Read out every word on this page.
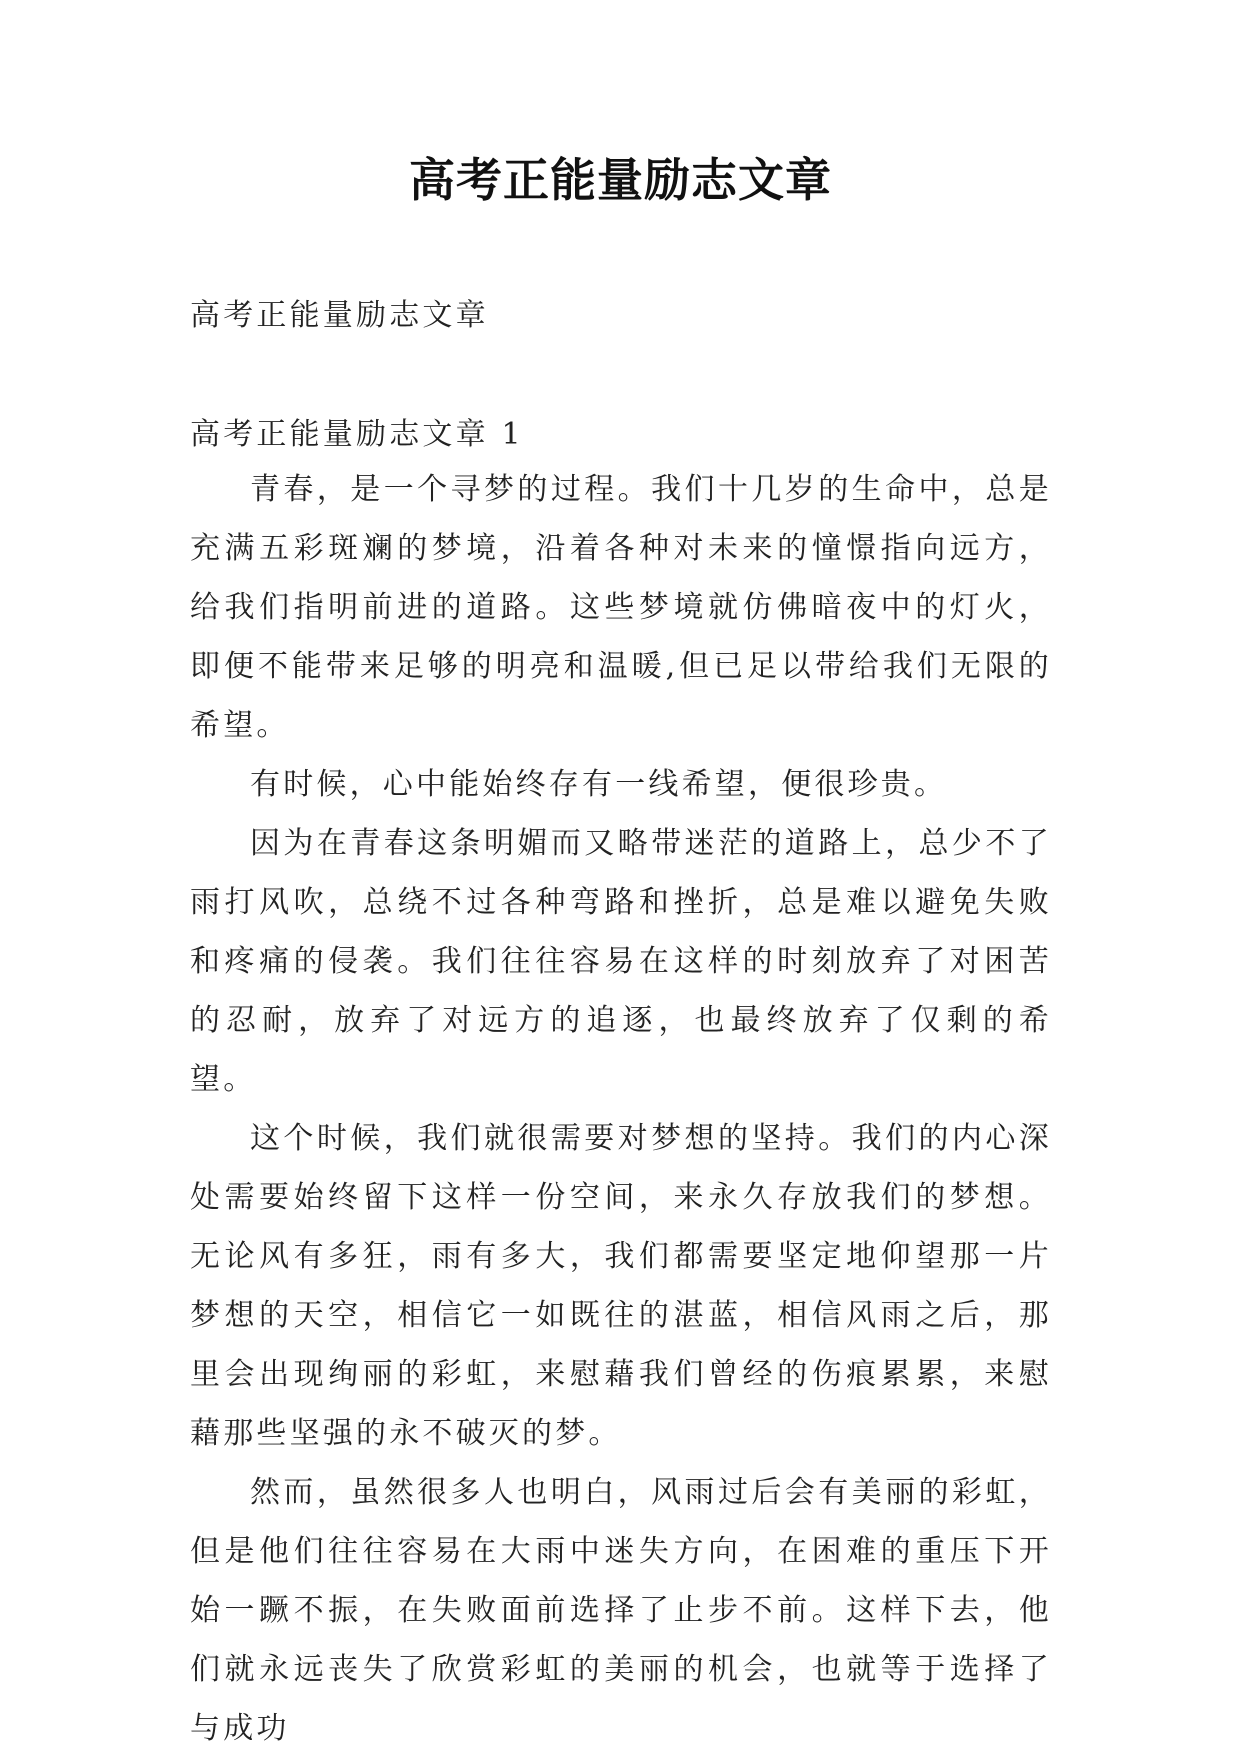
高考正能量励志文章
高考正能量励志文章
高考正能量励志文章 1

青春，是一个寻梦的过程。我们十几岁的生命中，总是充满五彩斑斓的梦境，沿着各种对未来的憧憬指向远方，给我们指明前进的道路。这些梦境就仿佛暗夜中的灯火，即便不能带来足够的明亮和温暖,但已足以带给我们无限的希望。

有时候，心中能始终存有一线希望，便很珍贵。

因为在青春这条明媚而又略带迷茫的道路上，总少不了雨打风吹，总绕不过各种弯路和挫折，总是难以避免失败和疼痛的侵袭。我们往往容易在这样的时刻放弃了对困苦的忍耐，放弃了对远方的追逐，也最终放弃了仅剩的希望。

这个时候，我们就很需要对梦想的坚持。我们的内心深处需要始终留下这样一份空间，来永久存放我们的梦想。无论风有多狂，雨有多大，我们都需要坚定地仰望那一片梦想的天空，相信它一如既往的湛蓝，相信风雨之后，那里会出现绚丽的彩虹，来慰藉我们曾经的伤痕累累，来慰藉那些坚强的永不破灭的梦。

然而，虽然很多人也明白，风雨过后会有美丽的彩虹，但是他们往往容易在大雨中迷失方向，在困难的重压下开始一蹶不振，在失败面前选择了止步不前。这样下去，他们就永远丧失了欣赏彩虹的美丽的机会，也就等于选择了与成功
